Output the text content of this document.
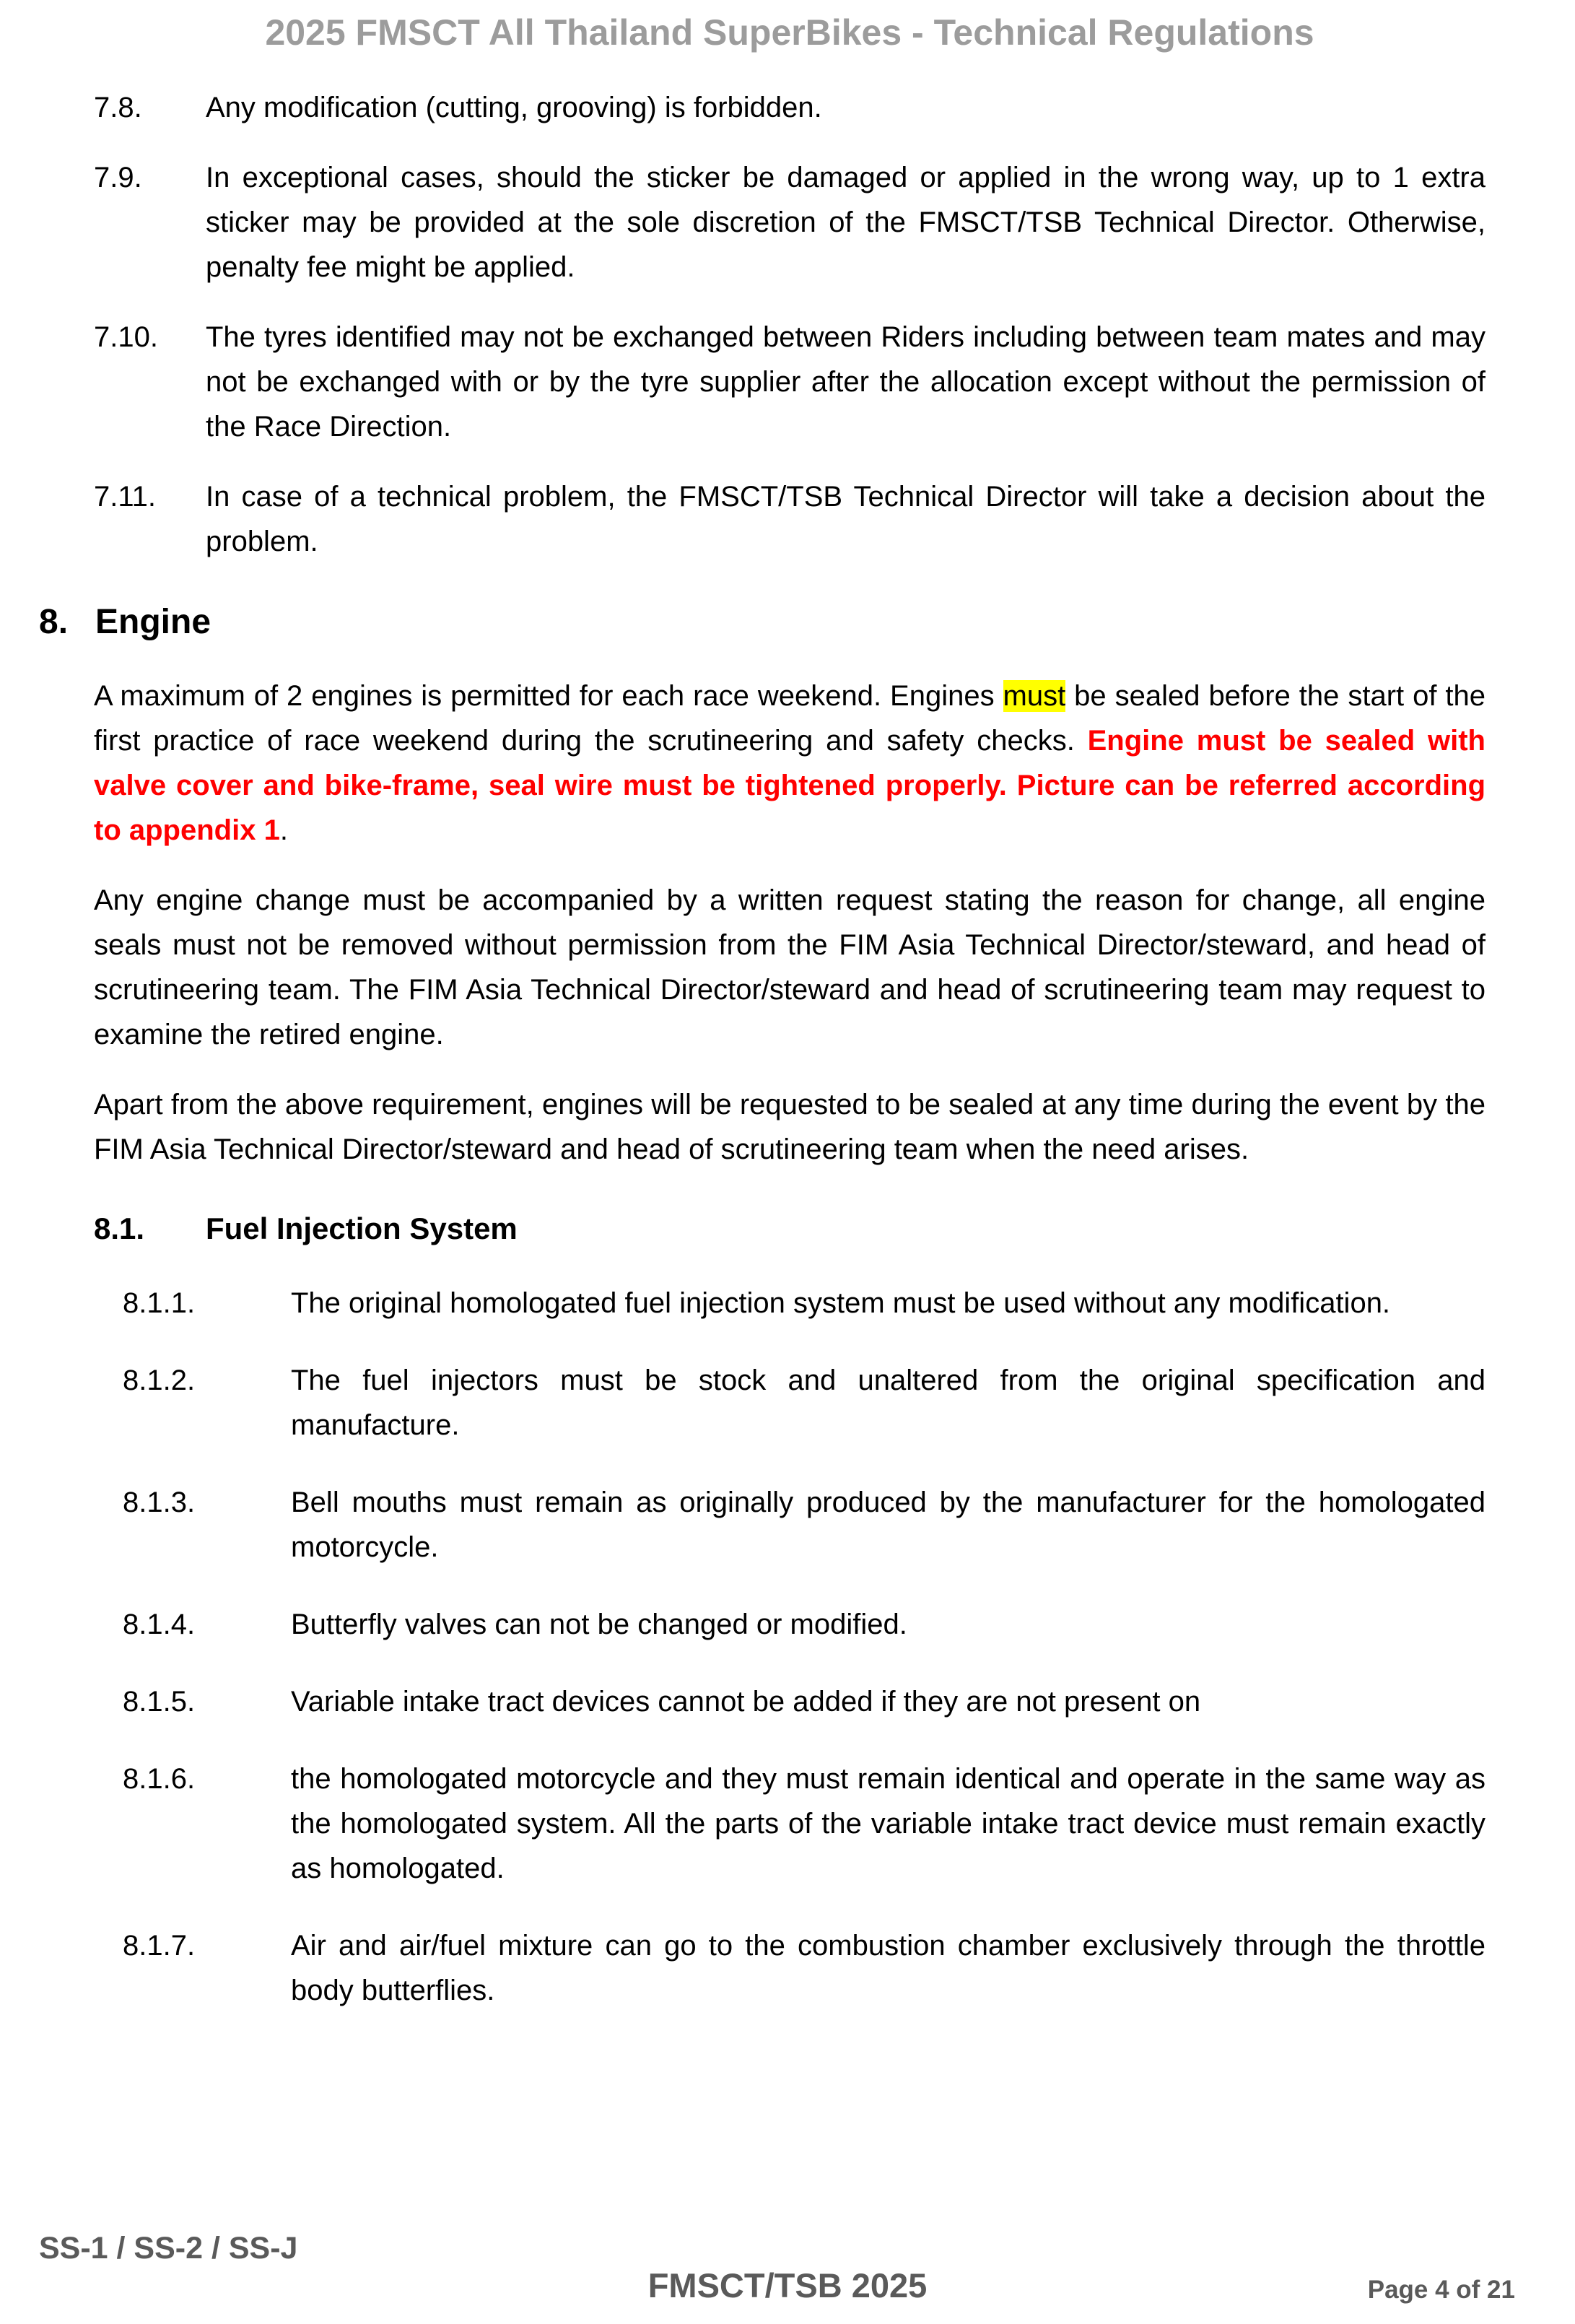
2025 FMSCT All Thailand SuperBikes - Technical Regulations
7.8.	Any modification (cutting, grooving) is forbidden.
7.9.	In exceptional cases, should the sticker be damaged or applied in the wrong way, up to 1 extra sticker may be provided at the sole discretion of the FMSCT/TSB Technical Director. Otherwise, penalty fee might be applied.
7.10.	The tyres identified may not be exchanged between Riders including between team mates and may not be exchanged with or by the tyre supplier after the allocation except without the permission of the Race Direction.
7.11.	In case of a technical problem, the FMSCT/TSB Technical Director will take a decision about the problem.
8. Engine

A maximum of 2 engines is permitted for each race weekend. Engines must be sealed before the start of the first practice of race weekend during the scrutineering and safety checks. Engine must be sealed with valve cover and bike-frame, seal wire must be tightened properly. Picture can be referred according to appendix 1.

Any engine change must be accompanied by a written request stating the reason for change, all engine seals must not be removed without permission from the FIM Asia Technical Director/steward, and head of scrutineering team. The FIM Asia Technical Director/steward and head of scrutineering team may request to examine the retired engine.

Apart from the above requirement, engines will be requested to be sealed at any time during the event by the FIM Asia Technical Director/steward and head of scrutineering team when the need arises.

8.1. Fuel Injection System
8.1.1.	The original homologated fuel injection system must be used without any modification.
8.1.2.	The fuel injectors must be stock and unaltered from the original specification and manufacture.
8.1.3.	Bell mouths must remain as originally produced by the manufacturer for the homologated motorcycle.
8.1.4.	Butterfly valves can not be changed or modified.
8.1.5.	Variable intake tract devices cannot be added if they are not present on
8.1.6.	the homologated motorcycle and they must remain identical and operate in the same way as the homologated system. All the parts of the variable intake tract device must remain exactly as homologated.
8.1.7.	Air and air/fuel mixture can go to the combustion chamber exclusively through the throttle body butterflies.
SS-1 / SS-2 / SS-J
FMSCT/TSB 2025	Page 4 of 21
